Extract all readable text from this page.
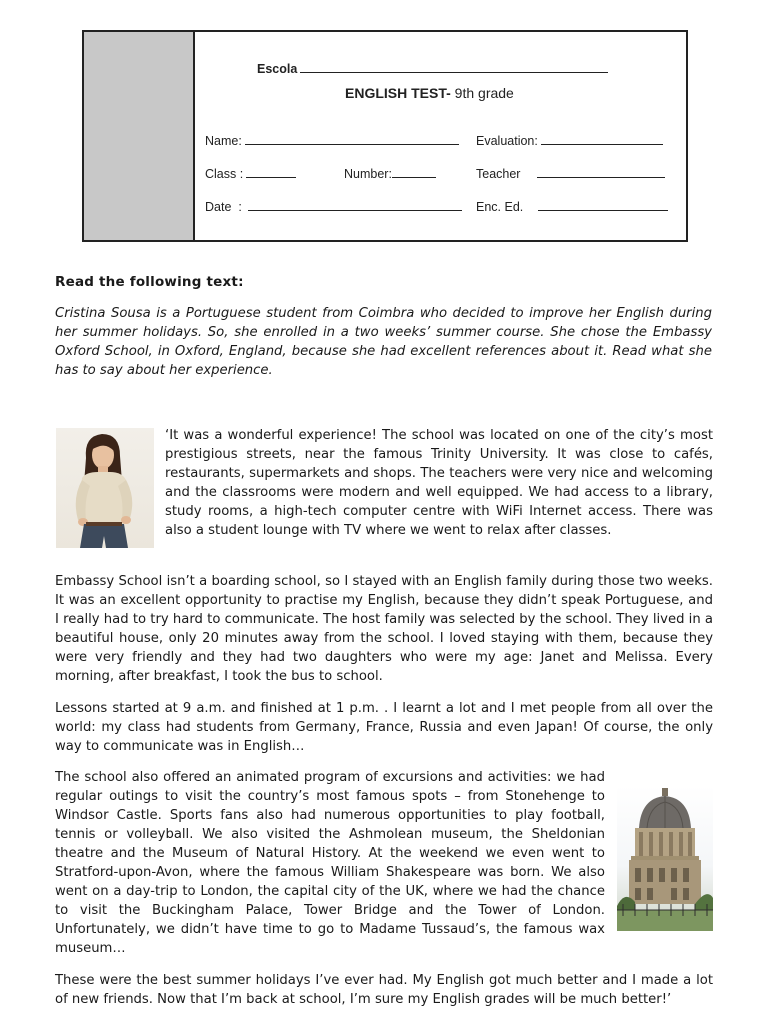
Escola
ENGLISH TEST- 9th grade
Name:	Evaluation:
Class :	Number:	Teacher
Date  :	Enc. Ed.
Read the following text:
Cristina Sousa is a Portuguese student from Coimbra who decided to improve her English during her summer holidays. So, she enrolled in a two weeks’ summer course. She chose the Embassy Oxford School, in Oxford, England, because she had excellent references about it. Read what she has to say about her experience.
‘It was a wonderful experience! The school was located on one of the city’s most prestigious streets, near the famous Trinity University. It was close to cafés, restaurants, supermarkets and shops. The teachers were very nice and welcoming and the classrooms were modern and well equipped. We had access to a library, study rooms, a high-tech computer centre with WiFi Internet access. There was also a student lounge with TV where we went to relax after classes.
Embassy School isn’t a boarding school, so I stayed with an English family during those two weeks. It was an excellent opportunity to practise my English, because they didn’t speak Portuguese, and I really had to try hard to communicate. The host family was selected by the school. They lived in a beautiful house, only 20 minutes away from the school. I loved staying with them, because they were very friendly and they had two daughters who were my age: Janet and Melissa. Every morning, after breakfast, I took the bus to school.
Lessons started at 9 a.m. and finished at 1 p.m. . I learnt a lot and I met people from all over the world: my class had students from Germany, France, Russia and even Japan! Of course, the only way to communicate was in English…
The school also offered an animated program of excursions and activities: we had regular outings to visit the country’s most famous spots – from Stonehenge to Windsor Castle. Sports fans also had numerous opportunities to play football, tennis or volleyball. We also visited the Ashmolean museum, the Sheldonian theatre and the Museum of Natural History. At the weekend we even went to Stratford-upon-Avon, where the famous William Shakespeare was born. We also went on a day-trip to London, the capital city of the UK, where we had the chance to visit the Buckingham Palace, Tower Bridge and the Tower of London. Unfortunately, we didn’t have time to go to Madame Tussaud’s, the famous wax museum…
These were the best summer holidays I’ve ever had. My English got much better and I made a lot of new friends. Now that I’m back at school, I’m sure my English grades will be much better!’
